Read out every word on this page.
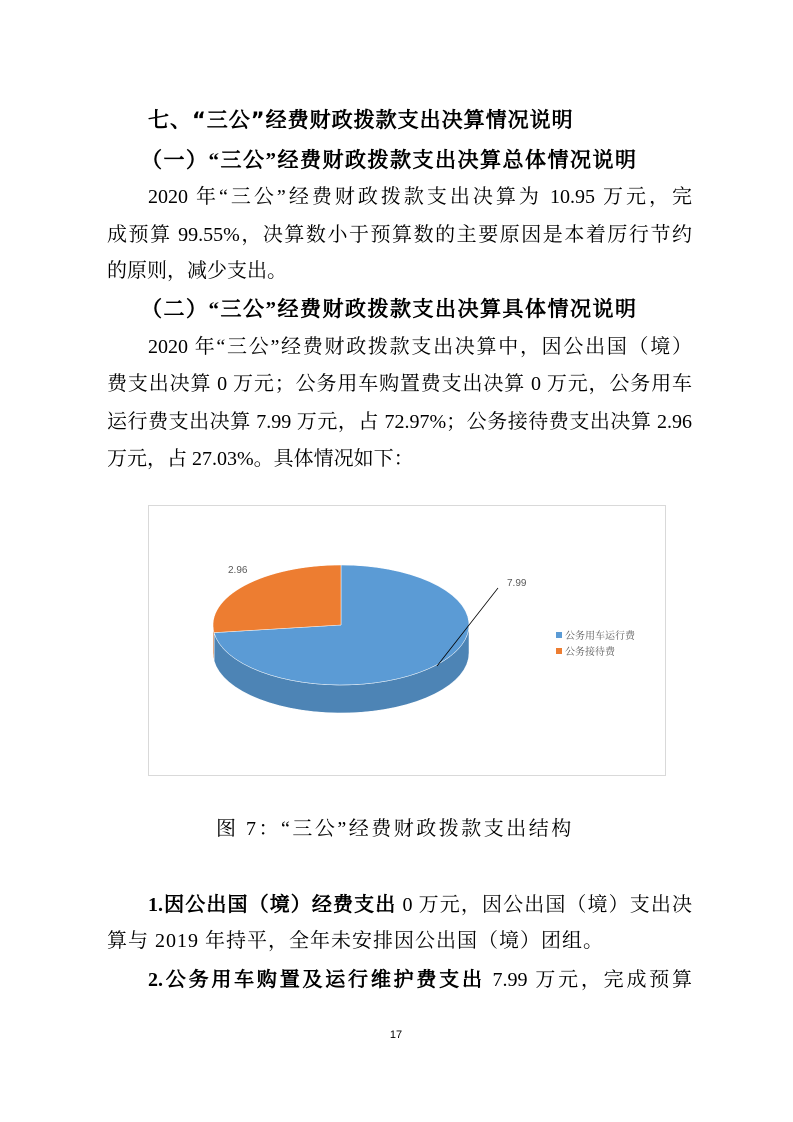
七、“三公”经费财政拨款支出决算情况说明
（一）“三公”经费财政拨款支出决算总体情况说明
2020 年“三公”经费财政拨款支出决算为 10.95 万元，完
成预算 99.55%，决算数小于预算数的主要原因是本着厉行节约
的原则，减少支出。
（二）“三公”经费财政拨款支出决算具体情况说明
2020 年“三公”经费财政拨款支出决算中，因公出国（境）
费支出决算 0 万元；公务用车购置费支出决算 0 万元，公务用车
运行费支出决算 7.99 万元，占 72.97%；公务接待费支出决算 2.96
万元，占 27.03%。具体情况如下：
2.96
7.99
公务用车运行费
公务接待费
图 7：“三公”经费财政拨款支出结构
1.因公出国（境）经费支出 0 万元，因公出国（境）支出决
算与 2019 年持平，全年未安排因公出国（境）团组。
2.公务用车购置及运行维护费支出 7.99 万元，完成预算
17
